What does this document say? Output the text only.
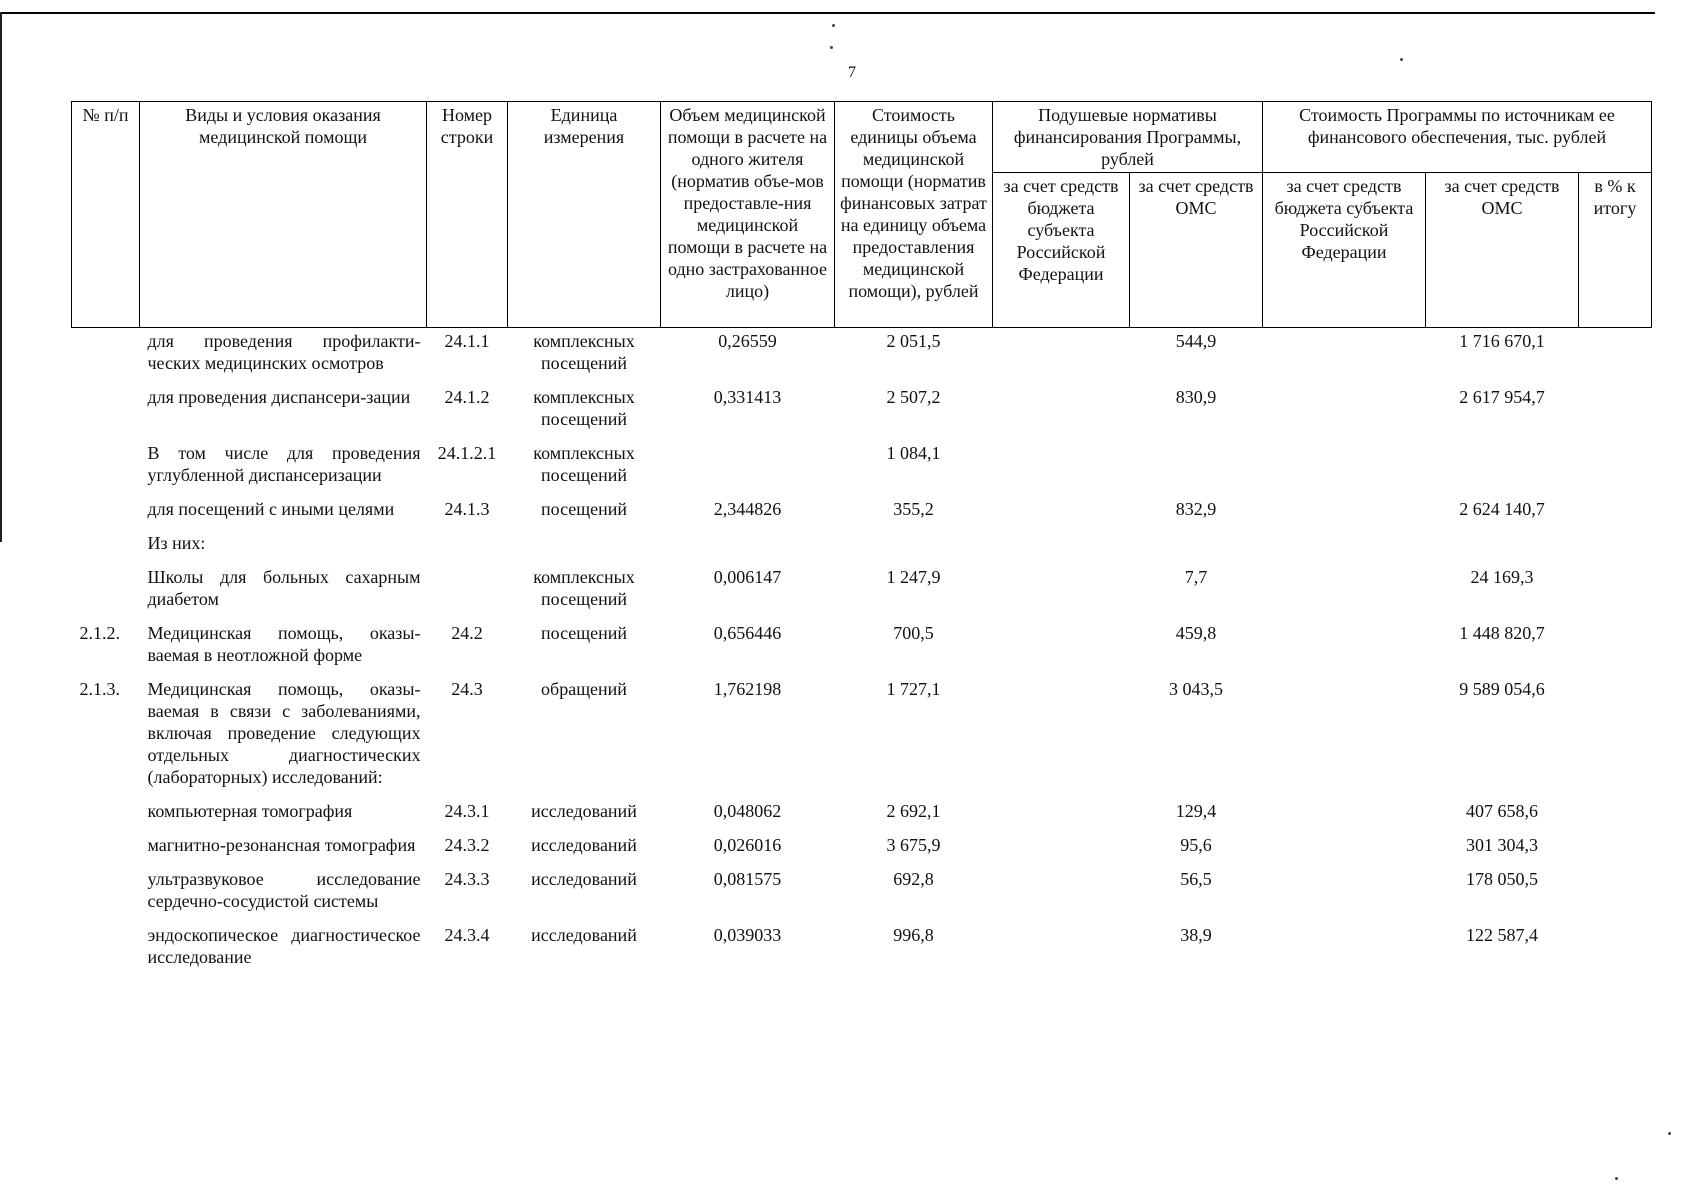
7
№ п/п	Виды и условия оказания медицинской помощи	Номер строки	Единица измерения	Объем медицинской помощи в расчете на одного жителя (норматив объе-мов предоставле-ния медицинской помощи в расчете на одно застрахованное лицо)	Стоимость единицы объема медицинской помощи (норматив финансовых затрат на единицу объема предоставления медицинской помощи), рублей	Подушевые нормативы финансирования Программы, рублей		Стоимость Программы по источникам ее финансового обеспечения, тыс. рублей		
						за счет средств бюджета субъекта Российской Федерации	за счет средств ОМС	за счет средств бюджета субъекта Российской Федерации	за счет средств ОМС	в % к итогу
	для проведения профилакти-ческих медицинских осмотров	24.1.1	комплексных посещений	0,26559	2 051,5		544,9		1 716 670,1	
	для проведения диспансери-зации	24.1.2	комплексных посещений	0,331413	2 507,2		830,9		2 617 954,7	
	В том числе для проведения углубленной диспансеризации	24.1.2.1	комплексных посещений		1 084,1					
	для посещений с иными целями	24.1.3	посещений	2,344826	355,2		832,9		2 624 140,7	
	Из них:									
	Школы для больных сахарным диабетом		комплексных посещений	0,006147	1 247,9		7,7		24 169,3	
2.1.2.	Медицинская помощь, оказы-ваемая в неотложной форме	24.2	посещений	0,656446	700,5		459,8		1 448 820,7	
2.1.3.	Медицинская помощь, оказы-ваемая в связи с заболеваниями, включая проведение следующих отдельных диагностических (лабораторных) исследований:	24.3	обращений	1,762198	1 727,1		3 043,5		9 589 054,6	
	компьютерная томография	24.3.1	исследований	0,048062	2 692,1		129,4		407 658,6	
	магнитно-резонансная томография	24.3.2	исследований	0,026016	3 675,9		95,6		301 304,3	
	ультразвуковое исследование сердечно-сосудистой системы	24.3.3	исследований	0,081575	692,8		56,5		178 050,5	
	эндоскопическое диагностическое исследование	24.3.4	исследований	0,039033	996,8		38,9		122 587,4	
